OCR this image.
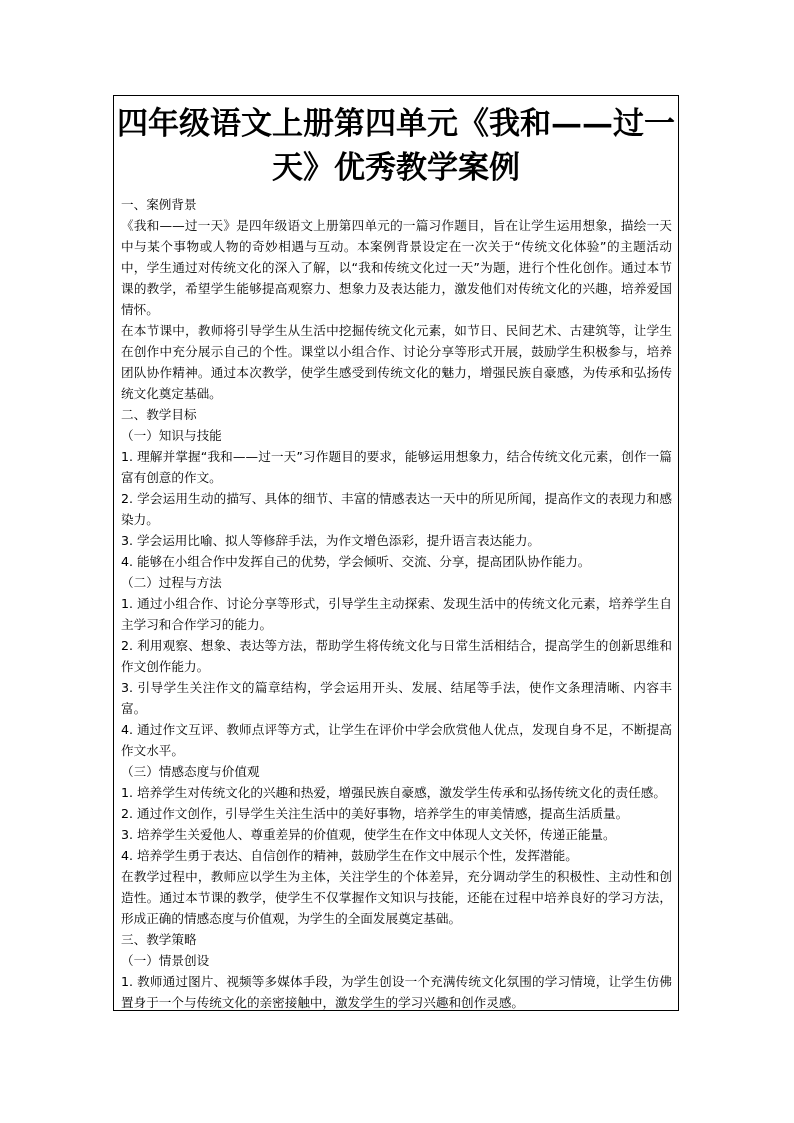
四年级语文上册第四单元《我和——过一
天》优秀教学案例

一、案例背景

《我和——过一天》是四年级语文上册第四单元的一篇习作题目，旨在让学生运用想象，描绘一天中与某个事物或人物的奇妙相遇与互动。本案例背景设定在一次关于“传统文化体验”的主题活动中，学生通过对传统文化的深入了解，以“我和传统文化过一天”为题，进行个性化创作。通过本节课的教学，希望学生能够提高观察力、想象力及表达能力，激发他们对传统文化的兴趣，培养爱国情怀。

在本节课中，教师将引导学生从生活中挖掘传统文化元素，如节日、民间艺术、古建筑等，让学生在创作中充分展示自己的个性。课堂以小组合作、讨论分享等形式开展，鼓励学生积极参与，培养团队协作精神。通过本次教学，使学生感受到传统文化的魅力，增强民族自豪感，为传承和弘扬传统文化奠定基础。

二、教学目标

（一）知识与技能

1. 理解并掌握“我和——过一天”习作题目的要求，能够运用想象力，结合传统文化元素，创作一篇富有创意的作文。

2. 学会运用生动的描写、具体的细节、丰富的情感表达一天中的所见所闻，提高作文的表现力和感染力。

3. 学会运用比喻、拟人等修辞手法，为作文增色添彩，提升语言表达能力。

4. 能够在小组合作中发挥自己的优势，学会倾听、交流、分享，提高团队协作能力。

（二）过程与方法

1. 通过小组合作、讨论分享等形式，引导学生主动探索、发现生活中的传统文化元素，培养学生自主学习和合作学习的能力。

2. 利用观察、想象、表达等方法，帮助学生将传统文化与日常生活相结合，提高学生的创新思维和作文创作能力。

3. 引导学生关注作文的篇章结构，学会运用开头、发展、结尾等手法，使作文条理清晰、内容丰富。

4. 通过作文互评、教师点评等方式，让学生在评价中学会欣赏他人优点，发现自身不足，不断提高作文水平。

（三）情感态度与价值观

1. 培养学生对传统文化的兴趣和热爱，增强民族自豪感，激发学生传承和弘扬传统文化的责任感。

2. 通过作文创作，引导学生关注生活中的美好事物，培养学生的审美情感，提高生活质量。

3. 培养学生关爱他人、尊重差异的价值观，使学生在作文中体现人文关怀，传递正能量。

4. 培养学生勇于表达、自信创作的精神，鼓励学生在作文中展示个性，发挥潜能。

在教学过程中，教师应以学生为主体，关注学生的个体差异，充分调动学生的积极性、主动性和创造性。通过本节课的教学，使学生不仅掌握作文知识与技能，还能在过程中培养良好的学习方法，形成正确的情感态度与价值观，为学生的全面发展奠定基础。

三、教学策略

（一）情景创设

1. 教师通过图片、视频等多媒体手段，为学生创设一个充满传统文化氛围的学习情境，让学生仿佛置身于一个与传统文化的亲密接触中，激发学生的学习兴趣和创作灵感。
